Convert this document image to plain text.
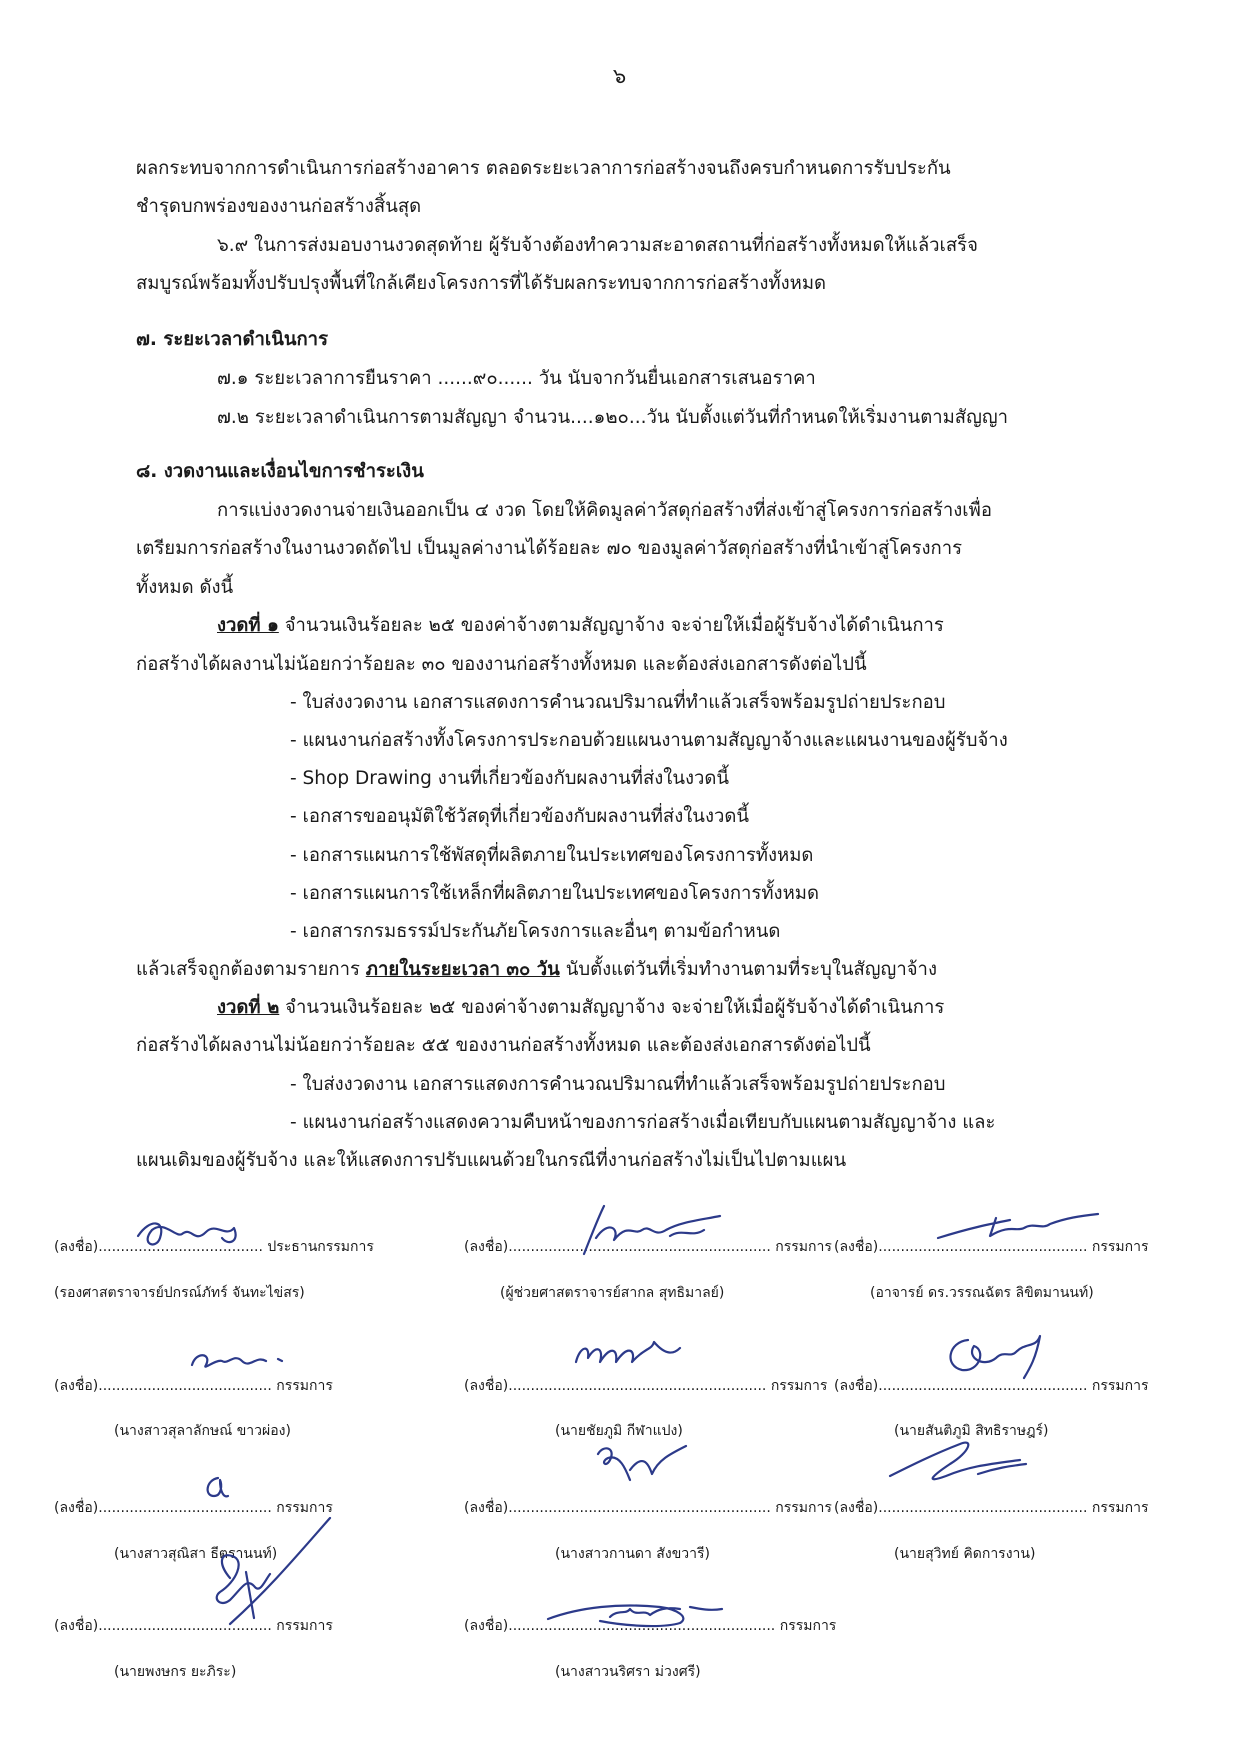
๖
ผลกระทบจากการดำเนินการก่อสร้างอาคาร ตลอดระยะเวลาการก่อสร้างจนถึงครบกำหนดการรับประกัน
ชำรุดบกพร่องของงานก่อสร้างสิ้นสุด
๖.๙ ในการส่งมอบงานงวดสุดท้าย ผู้รับจ้างต้องทำความสะอาดสถานที่ก่อสร้างทั้งหมดให้แล้วเสร็จ
สมบูรณ์พร้อมทั้งปรับปรุงพื้นที่ใกล้เคียงโครงการที่ได้รับผลกระทบจากการก่อสร้างทั้งหมด
๗. ระยะเวลาดำเนินการ
๗.๑ ระยะเวลาการยืนราคา ......๙๐...... วัน นับจากวันยื่นเอกสารเสนอราคา
๗.๒ ระยะเวลาดำเนินการตามสัญญา จำนวน....๑๒๐...วัน นับตั้งแต่วันที่กำหนดให้เริ่มงานตามสัญญา
๘. งวดงานและเงื่อนไขการชำระเงิน
การแบ่งงวดงานจ่ายเงินออกเป็น ๔ งวด โดยให้คิดมูลค่าวัสดุก่อสร้างที่ส่งเข้าสู่โครงการก่อสร้างเพื่อ
เตรียมการก่อสร้างในงานงวดถัดไป เป็นมูลค่างานได้ร้อยละ ๗๐ ของมูลค่าวัสดุก่อสร้างที่นำเข้าสู่โครงการ
ทั้งหมด ดังนี้
งวดที่ ๑ จำนวนเงินร้อยละ ๒๕ ของค่าจ้างตามสัญญาจ้าง จะจ่ายให้เมื่อผู้รับจ้างได้ดำเนินการ
ก่อสร้างได้ผลงานไม่น้อยกว่าร้อยละ ๓๐ ของงานก่อสร้างทั้งหมด และต้องส่งเอกสารดังต่อไปนี้
- ใบส่งงวดงาน เอกสารแสดงการคำนวณปริมาณที่ทำแล้วเสร็จพร้อมรูปถ่ายประกอบ
- แผนงานก่อสร้างทั้งโครงการประกอบด้วยแผนงานตามสัญญาจ้างและแผนงานของผู้รับจ้าง
- Shop Drawing งานที่เกี่ยวข้องกับผลงานที่ส่งในงวดนี้
- เอกสารขออนุมัติใช้วัสดุที่เกี่ยวข้องกับผลงานที่ส่งในงวดนี้
- เอกสารแผนการใช้พัสดุที่ผลิตภายในประเทศของโครงการทั้งหมด
- เอกสารแผนการใช้เหล็กที่ผลิตภายในประเทศของโครงการทั้งหมด
- เอกสารกรมธรรม์ประกันภัยโครงการและอื่นๆ ตามข้อกำหนด
แล้วเสร็จถูกต้องตามรายการ ภายในระยะเวลา ๓๐ วัน นับตั้งแต่วันที่เริ่มทำงานตามที่ระบุในสัญญาจ้าง
งวดที่ ๒ จำนวนเงินร้อยละ ๒๕ ของค่าจ้างตามสัญญาจ้าง จะจ่ายให้เมื่อผู้รับจ้างได้ดำเนินการ
ก่อสร้างได้ผลงานไม่น้อยกว่าร้อยละ ๕๕ ของงานก่อสร้างทั้งหมด และต้องส่งเอกสารดังต่อไปนี้
- ใบส่งงวดงาน เอกสารแสดงการคำนวณปริมาณที่ทำแล้วเสร็จพร้อมรูปถ่ายประกอบ
- แผนงานก่อสร้างแสดงความคืบหน้าของการก่อสร้างเมื่อเทียบกับแผนตามสัญญาจ้าง และ
แผนเดิมของผู้รับจ้าง และให้แสดงการปรับแผนด้วยในกรณีที่งานก่อสร้างไม่เป็นไปตามแผน
(ลงชื่อ)..................................... ประธานกรรมการ
(รองศาสตราจารย์ปกรณ์ภัทร์ จันทะไข่สร)
(ลงชื่อ)........................................................... กรรมการ
(ผู้ช่วยศาสตราจารย์สากล สุทธิมาลย์)
(ลงชื่อ)............................................... กรรมการ
(อาจารย์ ดร.วรรณฉัตร ลิขิตมานนท์)
(ลงชื่อ)....................................... กรรมการ
(นางสาวสุลาลักษณ์ ขาวผ่อง)
(ลงชื่อ).......................................................... กรรมการ
(นายชัยภูมิ กีฬาแปง)
(ลงชื่อ)............................................... กรรมการ
(นายสันติภูมิ สิทธิราษฎร์)
(ลงชื่อ)....................................... กรรมการ
(นางสาวสุณิสา ธีตรานนท์)
(ลงชื่อ)........................................................... กรรมการ
(นางสาวกานดา สังขวารี)
(ลงชื่อ)............................................... กรรมการ
(นายสุวิทย์ คิดการงาน)
(ลงชื่อ)....................................... กรรมการ
(นายพงษกร ยะภิระ)
(ลงชื่อ)............................................................ กรรมการ
(นางสาวนริศรา ม่วงศรี)
